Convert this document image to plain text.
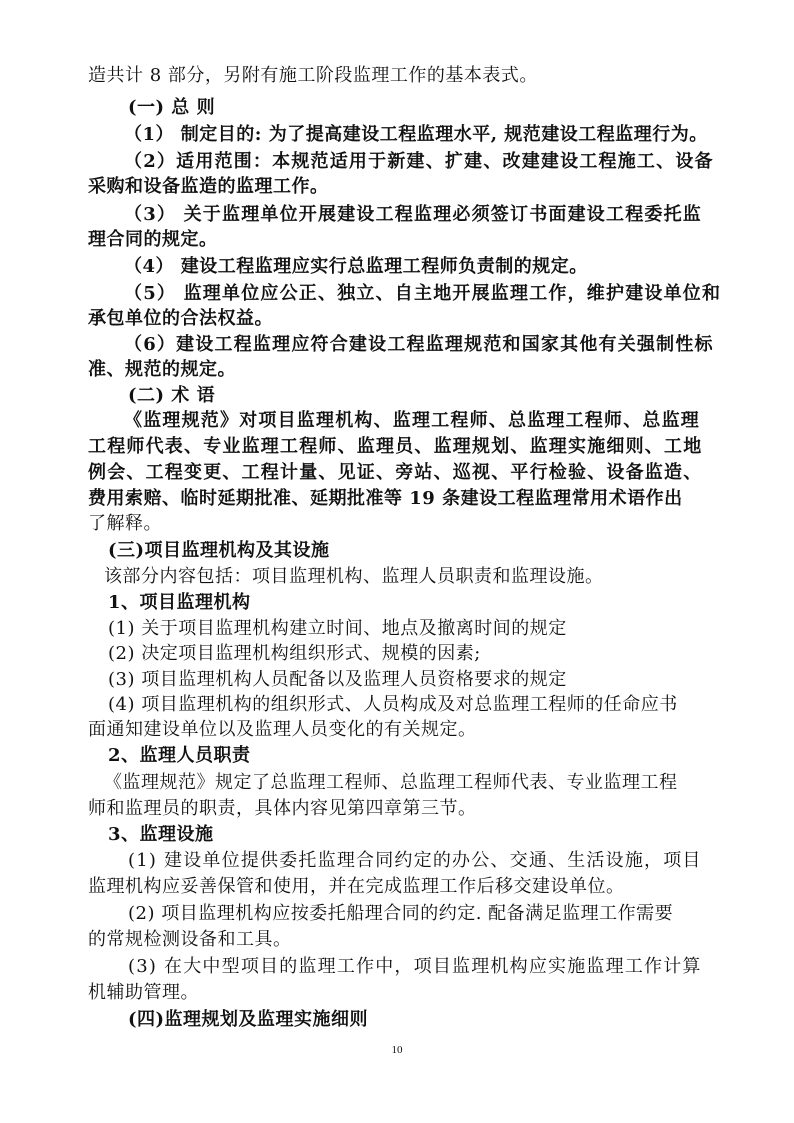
造共计 8 部分，另附有施工阶段监理工作的基本表式。
(一) 总 则
（1） 制定目的: 为了提高建设工程监理水平, 规范建设工程监理行为。
（2）适用范围：本规范适用于新建、扩建、改建建设工程施工、设备
采购和设备监造的监理工作。
（3） 关于监理单位开展建设工程监理必须签订书面建设工程委托监
理合同的规定。
（4） 建设工程监理应实行总监理工程师负责制的规定。
（5） 监理单位应公正、独立、自主地开展监理工作，维护建设单位和
承包单位的合法权益。
（6）建设工程监理应符合建设工程监理规范和国家其他有关强制性标
准、规范的规定。
(二) 术 语
《监理规范》对项目监理机构、监理工程师、总监理工程师、总监理
工程师代表、专业监理工程师、监理员、监理规划、监理实施细则、工地
例会、工程变更、工程计量、见证、旁站、巡视、平行检验、设备监造、
费用索赔、临时延期批准、延期批准等 19 条建设工程监理常用术语作出
了解释。
(三)项目监理机构及其设施
该部分内容包括：项目监理机构、监理人员职责和监理设施。
1、项目监理机构
(1) 关于项目监理机构建立时间、地点及撤离时间的规定
(2) 决定项目监理机构组织形式、规模的因素;
(3) 项目监理机构人员配备以及监理人员资格要求的规定
(4) 项目监理机构的组织形式、人员构成及对总监理工程师的任命应书
面通知建设单位以及监理人员变化的有关规定。
2、监理人员职责
《监理规范》规定了总监理工程师、总监理工程师代表、专业监理工程
师和监理员的职责，具体内容见第四章第三节。
3、监理设施
(1) 建设单位提供委托监理合同约定的办公、交通、生活设施，项目
监理机构应妥善保管和使用，并在完成监理工作后移交建设单位。
(2) 项目监理机构应按委托船理合同的约定. 配备满足监理工作需要
的常规检测设备和工具。
(3) 在大中型项目的监理工作中，项目监理机构应实施监理工作计算
机辅助管理。
(四)监理规划及监理实施细则
10
